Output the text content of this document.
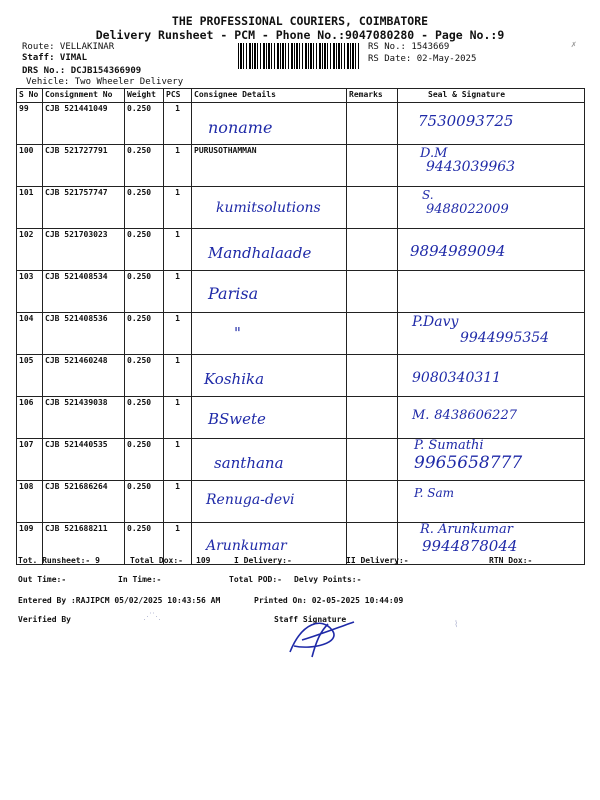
THE PROFESSIONAL COURIERS, COIMBATORE
Delivery Runsheet - PCM - Phone No.:9047080280 - Page No.:9
Route: VELLAKINAR
Staff: VIMAL
DRS No.: DCJB154366909
Vehicle: Two Wheeler Delivery
RS No.: 1543669
RS Date: 02-May-2025
✗
S No	Consignment No	Weight	PCS	Consignee Details	Remarks	Seal & Signature
99	CJB 521441049	0.250	1	noname		7530093725

100	CJB 521727791	0.250	1	PURUSOTHAMMAN		D.M
9443039963

101	CJB 521757747	0.250	1	kumitsolutions		S.
9488022009

102	CJB 521703023	0.250	1	Mandhalaade		9894989094

103	CJB 521408534	0.250	1	Parisa		

104	CJB 521408536	0.250	1	"		P.Davy
9944995354

105	CJB 521460248	0.250	1	Koshika		9080340311

106	CJB 521439038	0.250	1	BSwete		M. 8438606227

107	CJB 521440535	0.250	1	santhana		P. Sumathi
9965658777

108	CJB 521686264	0.250	1	Renuga-devi		P. Sam

109	CJB 521688211	0.250	1	Arunkumar		R. Arunkumar
9944878044
Tot. Runsheet:- 9	Total Dox:- 109	I Delivery:-	II Delivery:-	RTN Dox:-
Out Time:-	In Time:-	Total POD:- Delvy Points:-
Entered By :RAJIPCM 05/02/2025 10:43:56 AM	Printed On: 02-05-2025 10:44:09
Verified By	Staff Signature
⋰⋱
⌇
